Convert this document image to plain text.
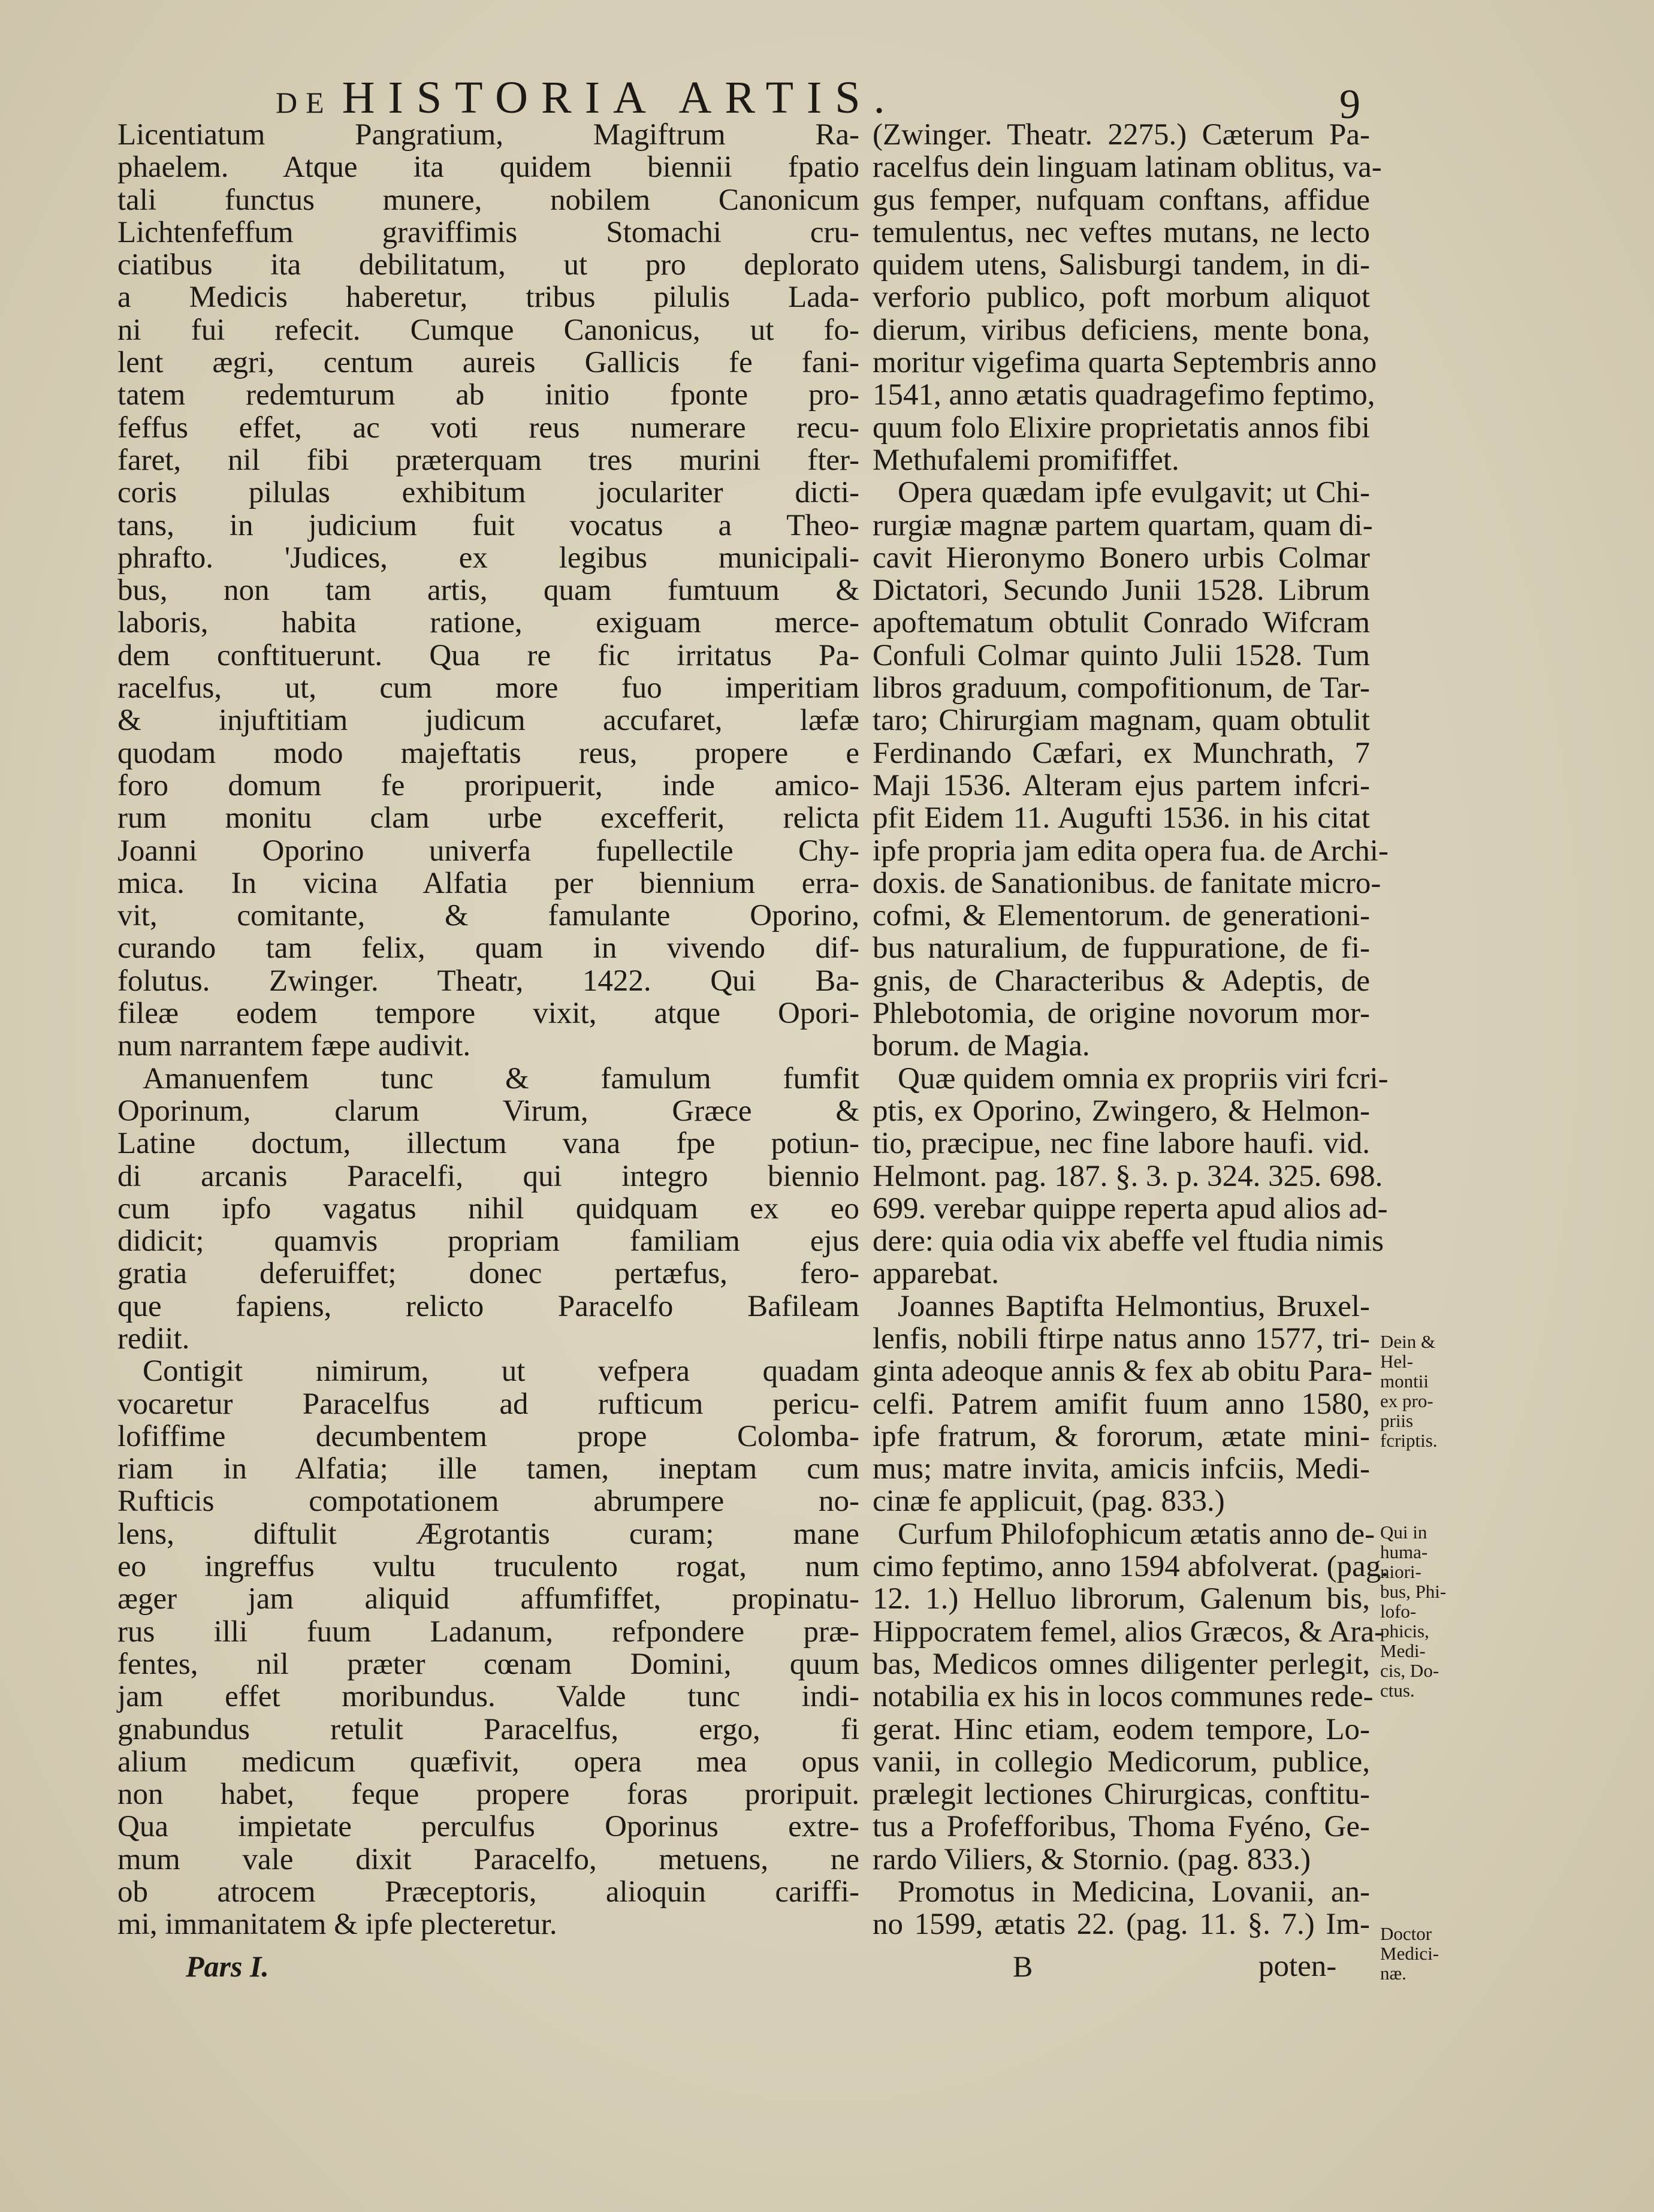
DE HISTORIA ARTIS.	9
Licentiatum Pangratium, Magiftrum Ra-
phaelem. Atque ita quidem biennii fpatio
tali functus munere, nobilem Canonicum
Lichtenfeffum graviffimis Stomachi cru-
ciatibus ita debilitatum, ut pro deplorato
a Medicis haberetur, tribus pilulis Lada-
ni fui refecit. Cumque Canonicus, ut fo-
lent ægri, centum aureis Gallicis fe fani-
tatem redemturum ab initio fponte pro-
feffus effet, ac voti reus numerare recu-
faret, nil fibi præterquam tres murini fter-
coris pilulas exhibitum joculariter dicti-
tans, in judicium fuit vocatus a Theo-
phrafto. 'Judices, ex legibus municipali-
bus, non tam artis, quam fumtuum &
laboris, habita ratione, exiguam merce-
dem conftituerunt. Qua re fic irritatus Pa-
racelfus, ut, cum more fuo imperitiam
& injuftitiam judicum accufaret, læfæ
quodam modo majeftatis reus, propere e
foro domum fe proripuerit, inde amico-
rum monitu clam urbe excefferit, relicta
Joanni Oporino univerfa fupellectile Chy-
mica. In vicina Alfatia per biennium erra-
vit, comitante, & famulante Oporino,
curando tam felix, quam in vivendo dif-
folutus. Zwinger. Theatr, 1422. Qui Ba-
fileæ eodem tempore vixit, atque Opori-
num narrantem fæpe audivit.
Amanuenfem tunc & famulum fumfit
Oporinum, clarum Virum, Græce &
Latine doctum, illectum vana fpe potiun-
di arcanis Paracelfi, qui integro biennio
cum ipfo vagatus nihil quidquam ex eo
didicit; quamvis propriam familiam ejus
gratia deferuiffet; donec pertæfus, fero-
que fapiens, relicto Paracelfo Bafileam
rediit.
Contigit nimirum, ut vefpera quadam
vocaretur Paracelfus ad rufticum pericu-
lofiffime decumbentem prope Colomba-
riam in Alfatia; ille tamen, ineptam cum
Rufticis compotationem abrumpere no-
lens, diftulit Ægrotantis curam; mane
eo ingreffus vultu truculento rogat, num
æger jam aliquid affumfiffet, propinatu-
rus illi fuum Ladanum, refpondere præ-
fentes, nil præter cœnam Domini, quum
jam effet moribundus. Valde tunc indi-
gnabundus retulit Paracelfus, ergo, fi
alium medicum quæfivit, opera mea opus
non habet, feque propere foras proripuit.
Qua impietate perculfus Oporinus extre-
mum vale dixit Paracelfo, metuens, ne
ob atrocem Præceptoris, alioquin cariffi-
mi, immanitatem & ipfe plecteretur.
(Zwinger. Theatr. 2275.) Cæterum Pa-
racelfus dein linguam latinam oblitus, va-
gus femper, nufquam conftans, affidue
temulentus, nec veftes mutans, ne lecto
quidem utens, Salisburgi tandem, in di-
verforio publico, poft morbum aliquot
dierum, viribus deficiens, mente bona,
moritur vigefima quarta Septembris anno
1541, anno ætatis quadragefimo feptimo,
quum folo Elixire proprietatis annos fibi
Methufalemi promififfet.
Opera quædam ipfe evulgavit; ut Chi-
rurgiæ magnæ partem quartam, quam di-
cavit Hieronymo Bonero urbis Colmar
Dictatori, Secundo Junii 1528. Librum
apoftematum obtulit Conrado Wifcram
Confuli Colmar quinto Julii 1528. Tum
libros graduum, compofitionum, de Tar-
taro; Chirurgiam magnam, quam obtulit
Ferdinando Cæfari, ex Munchrath, 7
Maji 1536. Alteram ejus partem infcri-
pfit Eidem 11. Augufti 1536. in his citat
ipfe propria jam edita opera fua. de Archi-
doxis. de Sanationibus. de fanitate micro-
cofmi, & Elementorum. de generationi-
bus naturalium, de fuppuratione, de fi-
gnis, de Characteribus & Adeptis, de
Phlebotomia, de origine novorum mor-
borum. de Magia.
Quæ quidem omnia ex propriis viri fcri-
ptis, ex Oporino, Zwingero, & Helmon-
tio, præcipue, nec fine labore haufi. vid.
Helmont. pag. 187. §. 3. p. 324. 325. 698.
699. verebar quippe reperta apud alios ad-
dere: quia odia vix abeffe vel ftudia nimis
apparebat.
Joannes Baptifta Helmontius, Bruxel-
lenfis, nobili ftirpe natus anno 1577, tri-
ginta adeoque annis & fex ab obitu Para-
celfi. Patrem amifit fuum anno 1580,
ipfe fratrum, & fororum, ætate mini-
mus; matre invita, amicis infciis, Medi-
cinæ fe applicuit, (pag. 833.)
Curfum Philofophicum ætatis anno de-
cimo feptimo, anno 1594 abfolverat. (pag.
12. 1.) Helluo librorum, Galenum bis,
Hippocratem femel, alios Græcos, & Ara-
bas, Medicos omnes diligenter perlegit,
notabilia ex his in locos communes rede-
gerat. Hinc etiam, eodem tempore, Lo-
vanii, in collegio Medicorum, publice,
prælegit lectiones Chirurgicas, conftitu-
tus a Profefforibus, Thoma Fyéno, Ge-
rardo Viliers, & Stornio. (pag. 833.)
Promotus in Medicina, Lovanii, an-
no 1599, ætatis 22. (pag. 11. §. 7.) Im-
Dein &
Hel-
montii
ex pro-
priis
fcriptis.
Qui in
huma-
niori-
bus, Phi-
lofo-
phicis,
Medi-
cis, Do-
ctus.
Doctor
Medici-
næ.
Pars I.	B	poten-
